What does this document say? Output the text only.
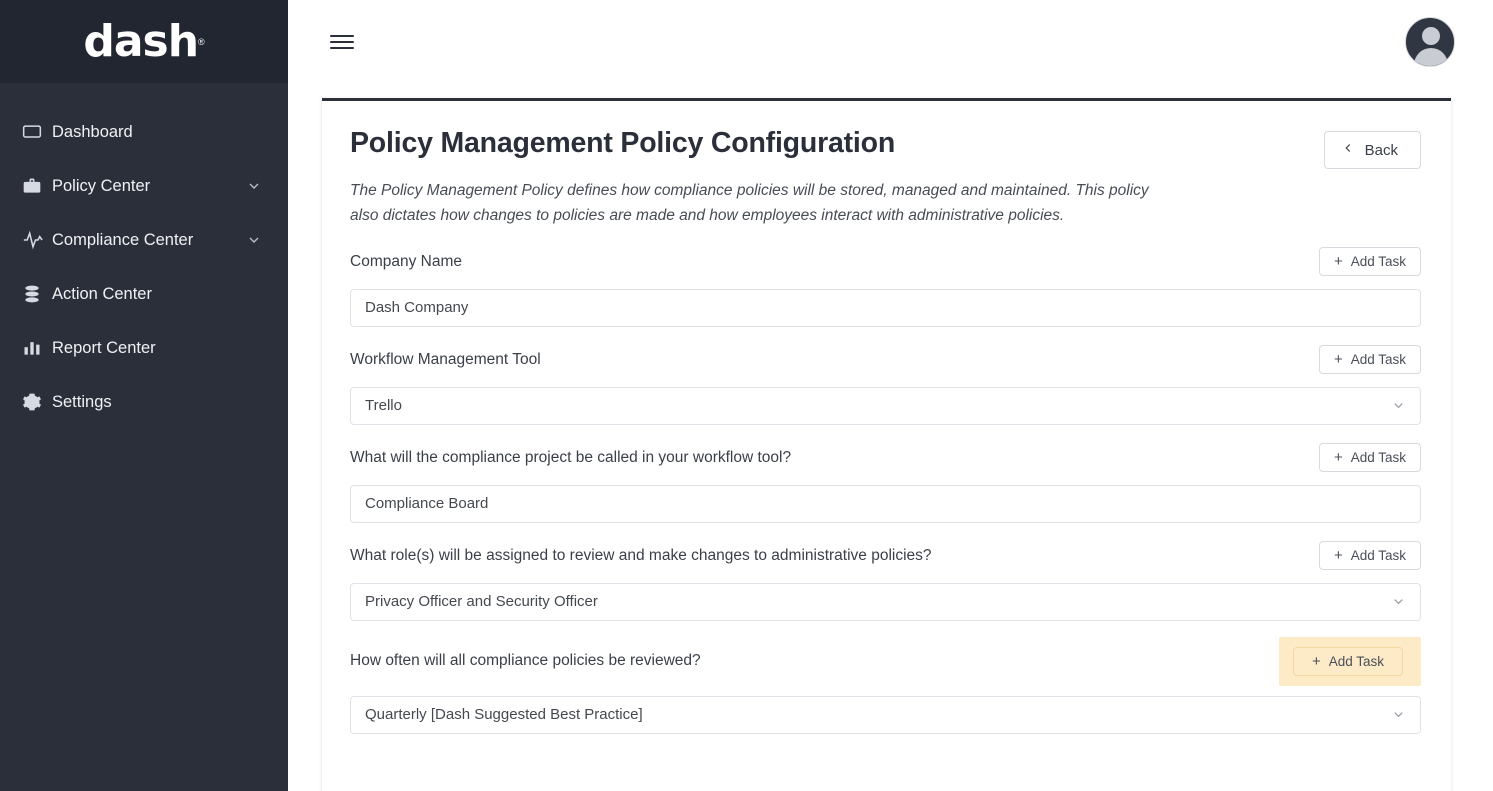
dash ®
Dashboard
Policy Center
Compliance Center
Action Center
Report Center
Settings
Policy Management Policy Configuration	Back
The Policy Management Policy defines how compliance policies will be stored, managed and maintained. This policy also dictates how changes to policies are made and how employees interact with administrative policies.
Company Name	+ Add Task
Dash Company
Workflow Management Tool	+ Add Task
Trello
What will the compliance project be called in your workflow tool?	+ Add Task
Compliance Board
What role(s) will be assigned to review and make changes to administrative policies?	+ Add Task
Privacy Officer and Security Officer
How often will all compliance policies be reviewed?	+ Add Task
Quarterly [Dash Suggested Best Practice]
